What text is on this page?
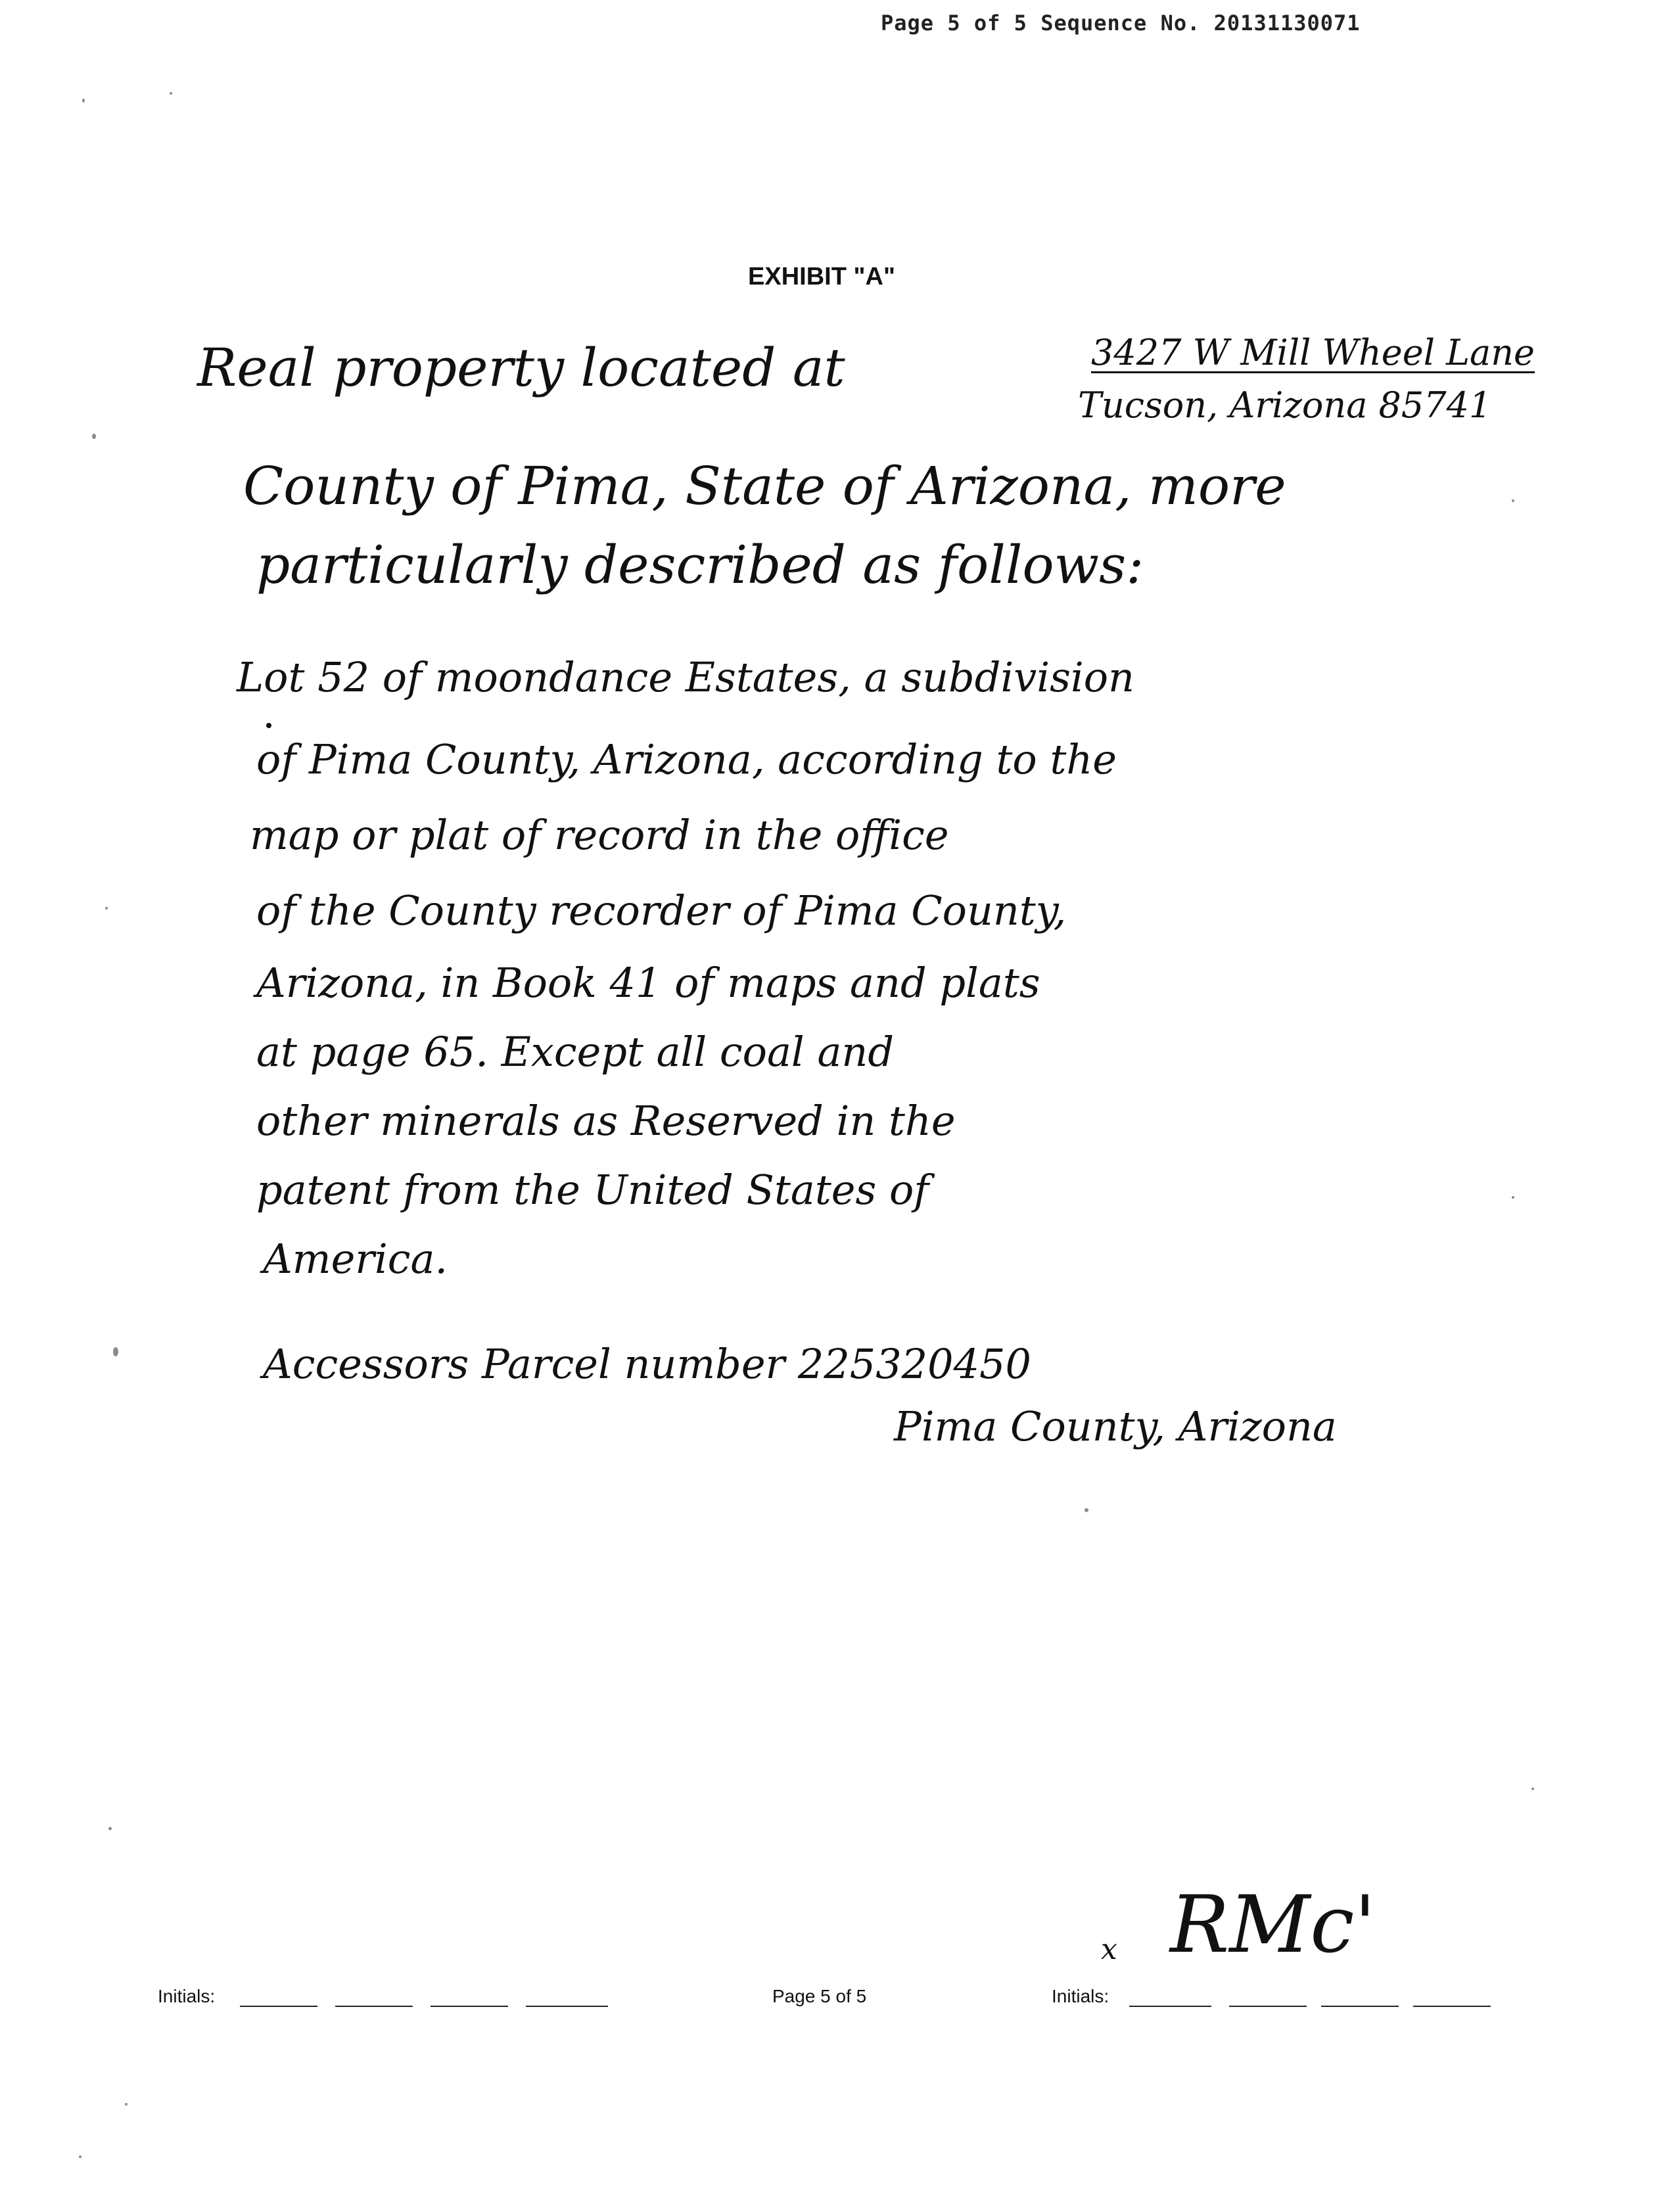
Page 5 of 5 Sequence No. 20131130071
EXHIBIT "A"
Real property located at	3427 W Mill Wheel Lane
Tucson, Arizona 85741
County of Pima, State of Arizona, more
particularly described as follows:
Lot 52 of moondance Estates, a subdivision
of Pima County, Arizona, according to the
map or plat of record in the office
of the County recorder of Pima County,
Arizona, in Book 41 of maps and plats
at page 65. Except all coal and
other minerals as Reserved in the
patent from the United States of
America.
Accessors Parcel number 225320450
Pima County, Arizona
Initials:	Page 5 of 5	Initials:
x RMc'
